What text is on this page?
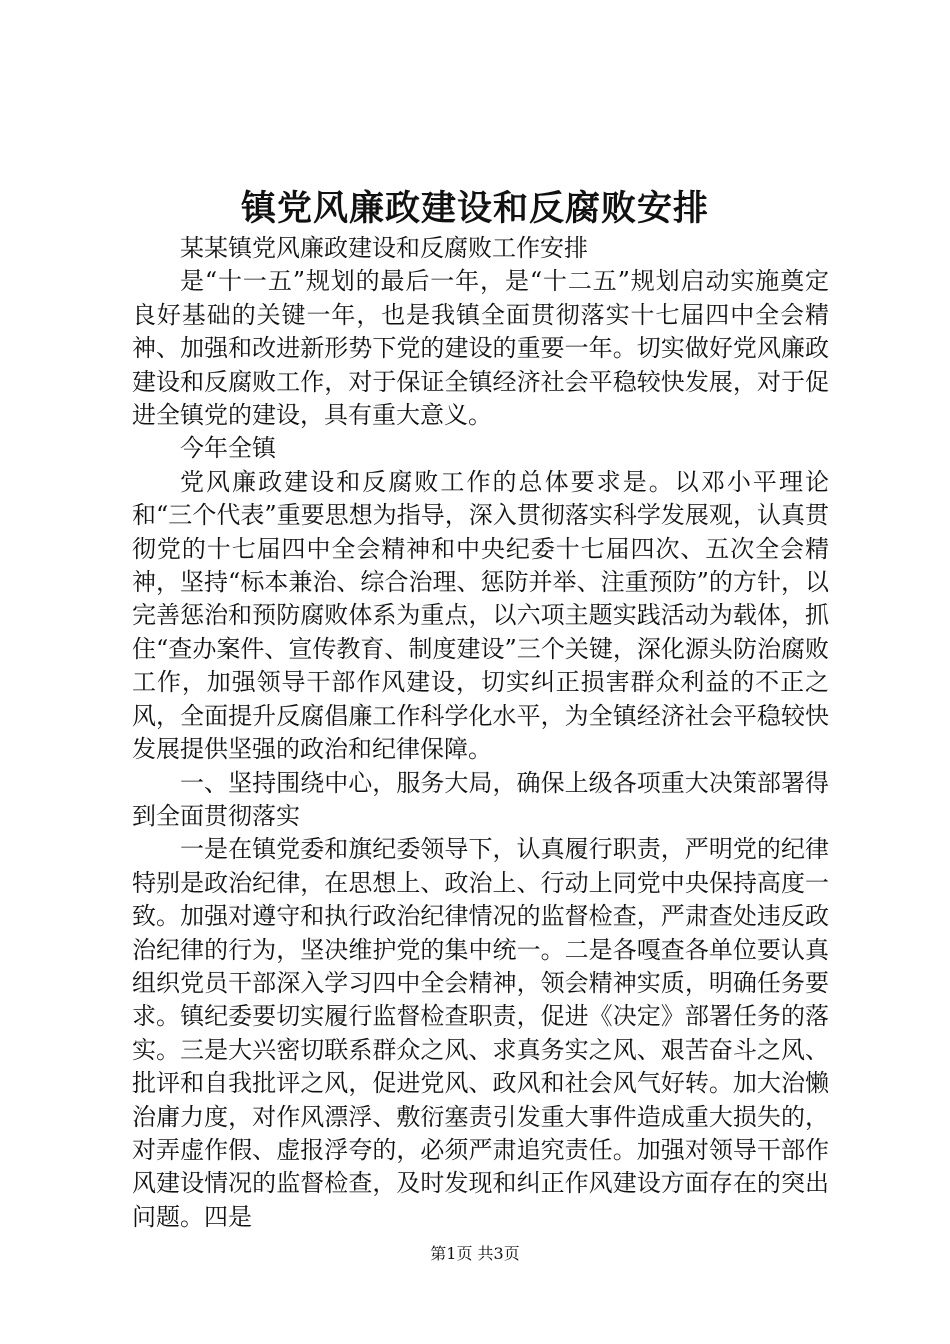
镇党风廉政建设和反腐败安排

某某镇党风廉政建设和反腐败工作安排

是“十一五”规划的最后一年，是“十二五”规划启动实施奠定良好基础的关键一年，也是我镇全面贯彻落实十七届四中全会精神、加强和改进新形势下党的建设的重要一年。切实做好党风廉政建设和反腐败工作，对于保证全镇经济社会平稳较快发展，对于促进全镇党的建设，具有重大意义。

今年全镇

党风廉政建设和反腐败工作的总体要求是。以邓小平理论和“三个代表”重要思想为指导，深入贯彻落实科学发展观，认真贯彻党的十七届四中全会精神和中央纪委十七届四次、五次全会精神，坚持“标本兼治、综合治理、惩防并举、注重预防”的方针，以完善惩治和预防腐败体系为重点，以六项主题实践活动为载体，抓住“查办案件、宣传教育、制度建设”三个关键，深化源头防治腐败工作，加强领导干部作风建设，切实纠正损害群众利益的不正之风，全面提升反腐倡廉工作科学化水平，为全镇经济社会平稳较快发展提供坚强的政治和纪律保障。

一、坚持围绕中心，服务大局，确保上级各项重大决策部署得到全面贯彻落实

一是在镇党委和旗纪委领导下，认真履行职责，严明党的纪律特别是政治纪律，在思想上、政治上、行动上同党中央保持高度一致。加强对遵守和执行政治纪律情况的监督检查，严肃查处违反政治纪律的行为，坚决维护党的集中统一。二是各嘎查各单位要认真组织党员干部深入学习四中全会精神，领会精神实质，明确任务要求。镇纪委要切实履行监督检查职责，促进《决定》部署任务的落实。三是大兴密切联系群众之风、求真务实之风、艰苦奋斗之风、批评和自我批评之风，促进党风、政风和社会风气好转。加大治懒治庸力度，对作风漂浮、敷衍塞责引发重大事件造成重大损失的，对弄虚作假、虚报浮夸的，必须严肃追究责任。加强对领导干部作风建设情况的监督检查，及时发现和纠正作风建设方面存在的突出问题。四是

第1页 共3页
